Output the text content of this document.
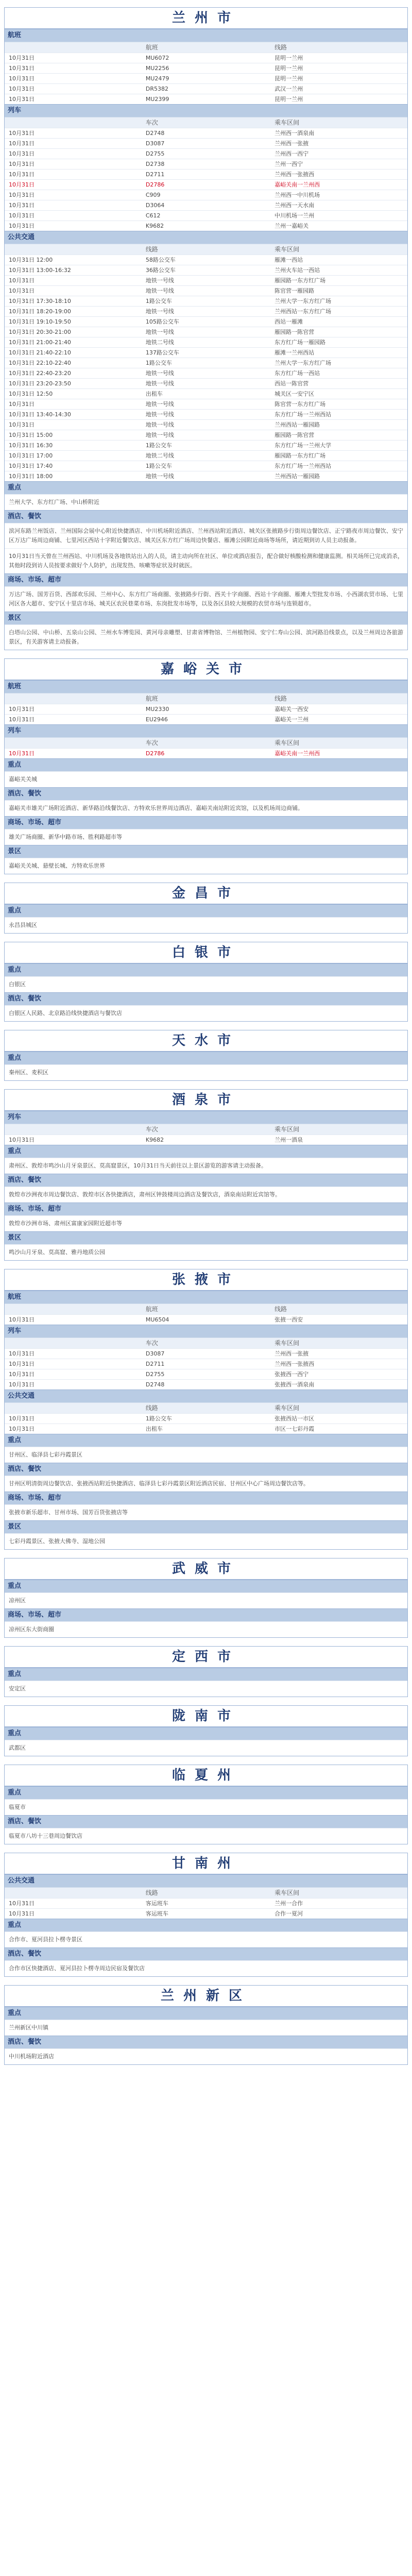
兰州市
航班
航班	线路
10月31日	MU6072	昆明一兰州
10月31日	MU2256	昆明一兰州
10月31日	MU2479	昆明一兰州
10月31日	DR5382	武汉一兰州
10月31日	MU2399	昆明一兰州
列车
车次	乘车区间
10月31日	D2748	兰州西一酒泉南
10月31日	D3087	兰州西一张掖
10月31日	D2755	兰州西一西宁
10月31日	D2738	兰州一西宁
10月31日	D2711	兰州西一张掖西
10月31日	D2786	嘉峪关南一兰州西
10月31日	C909	兰州西一中川机场
10月31日	D3064	兰州西一天水南
10月31日	C612	中川机场一兰州
10月31日	K9682	兰州一嘉峪关
公共交通
线路	乘车区间
10月31日 12:00	58路公交车	雁滩一西站
10月31日 13:00-16:32	36路公交车	兰州火车站一西站
10月31日	地铁一号线	雁园路一东方红广场
10月31日	地铁一号线	陈官营一雁园路
10月31日 17:30-18:10	1路公交车	兰州大学一东方红广场
10月31日 18:20-19:00	地铁一号线	兰州西站一东方红广场
10月31日 19:10-19:50	105路公交车	西站一雁滩
10月31日 20:30-21:00	地铁一号线	雁园路一陈官营
10月31日 21:00-21:40	地铁二号线	东方红广场一雁园路
10月31日 21:40-22:10	137路公交车	雁滩一兰州西站
10月31日 22:10-22:40	1路公交车	兰州大学一东方红广场
10月31日 22:40-23:20	地铁一号线	东方红广场一西站
10月31日 23:20-23:50	地铁一号线	西站一陈官营
10月31日 12:50	出租车	城关区一安宁区
10月31日	地铁一号线	陈官营一东方红广场
10月31日 13:40-14:30	地铁一号线	东方红广场一兰州西站
10月31日	地铁一号线	兰州西站一雁园路
10月31日 15:00	地铁一号线	雁园路一陈官营
10月31日 16:30	1路公交车	东方红广场一兰州大学
10月31日 17:00	地铁二号线	雁园路一东方红广场
10月31日 17:40	1路公交车	东方红广场一兰州西站
10月31日 18:00	地铁一号线	兰州西站一雁园路
重点
兰州大学、东方红广场、中山桥附近
酒店、餐饮
滨河东路兰州饭店、兰州国际会展中心附近快捷酒店、中川机场附近酒店、兰州西站附近酒店、城关区张掖路步行街周边餐饮店、正宁路夜市周边餐饮、安宁区万达广场周边商铺、七里河区西站十字附近餐饮店、城关区东方红广场周边快餐店、雁滩公园附近商场等场所，请近期到访人员主动报备。
10月31日当天曾在兰州西站、中川机场及各地铁站出入的人员，请主动向所在社区、单位或酒店报告，配合做好核酸检测和健康监测。相关场所已完成消杀，其他时段到访人员按要求做好个人防护，出现发热、咳嗽等症状及时就医。
商场、市场、超市
万达广场、国芳百货、西部欢乐园、兰州中心、东方红广场商圈、张掖路步行街、西关十字商圈、西站十字商圈、雁滩大型批发市场、小西湖农贸市场、七里河区各大超市、安宁区十里店市场、城关区农民巷菜市场、东岗批发市场等，以及各区县较大规模的农贸市场与连锁超市。
景区
白塔山公园、中山桥、五泉山公园、兰州水车博览园、黄河母亲雕塑、甘肃省博物馆、兰州植物园、安宁仁寿山公园、滨河路沿线景点，以及兰州周边各旅游景区，有关游客请主动报备。
嘉峪关市
航班
航班	线路
10月31日	MU2330	嘉峪关一西安
10月31日	EU2946	嘉峪关一兰州
列车
车次	乘车区间
10月31日	D2786	嘉峪关南一兰州西
重点
嘉峪关关城
酒店、餐饮
嘉峪关市雄关广场附近酒店、新华路沿线餐饮店、方特欢乐世界周边酒店、嘉峪关南站附近宾馆，以及机场周边商铺。
商场、市场、超市
雄关广场商圈、新华中路市场、胜利路超市等
景区
嘉峪关关城、悬壁长城、方特欢乐世界
金昌市
重点
永昌县城区
白银市
重点
白银区
酒店、餐饮
白银区人民路、北京路沿线快捷酒店与餐饮店
天水市
重点
秦州区、麦积区
酒泉市
列车
车次	乘车区间
10月31日	K9682	兰州一酒泉
重点
肃州区、敦煌市鸣沙山月牙泉景区、莫高窟景区，10月31日当天前往以上景区游览的游客请主动报备。
酒店、餐饮
敦煌市沙洲夜市周边餐饮店、敦煌市区各快捷酒店，肃州区钟鼓楼周边酒店及餐饮店，酒泉南站附近宾馆等。
商场、市场、超市
敦煌市沙洲市场、肃州区富康家园附近超市等
景区
鸣沙山月牙泉、莫高窟、雅丹地质公园
张掖市
航班
航班	线路
10月31日	MU6504	张掖一西安
列车
车次	乘车区间
10月31日	D3087	兰州西一张掖
10月31日	D2711	兰州西一张掖西
10月31日	D2755	张掖西一西宁
10月31日	D2748	张掖西一酒泉南
公共交通
线路	乘车区间
10月31日	1路公交车	张掖西站一市区
10月31日	出租车	市区一七彩丹霞
重点
甘州区、临泽县七彩丹霞景区
酒店、餐饮
甘州区明清街周边餐饮店、张掖西站附近快捷酒店、临泽县七彩丹霞景区附近酒店民宿、甘州区中心广场周边餐饮店等。
商场、市场、超市
张掖市新乐超市、甘州市场、国芳百货张掖店等
景区
七彩丹霞景区、张掖大佛寺、湿地公园
武威市
重点
凉州区
商场、市场、超市
凉州区东大街商圈
定西市
重点
安定区
陇南市
重点
武都区
临夏州
重点
临夏市
酒店、餐饮
临夏市八坊十三巷周边餐饮店
甘南州
公共交通
线路	乘车区间
10月31日	客运班车	兰州一合作
10月31日	客运班车	合作一夏河
重点
合作市、夏河县拉卜楞寺景区
酒店、餐饮
合作市区快捷酒店、夏河县拉卜楞寺周边民宿及餐饮店
兰州新区
重点
兰州新区中川镇
酒店、餐饮
中川机场附近酒店
